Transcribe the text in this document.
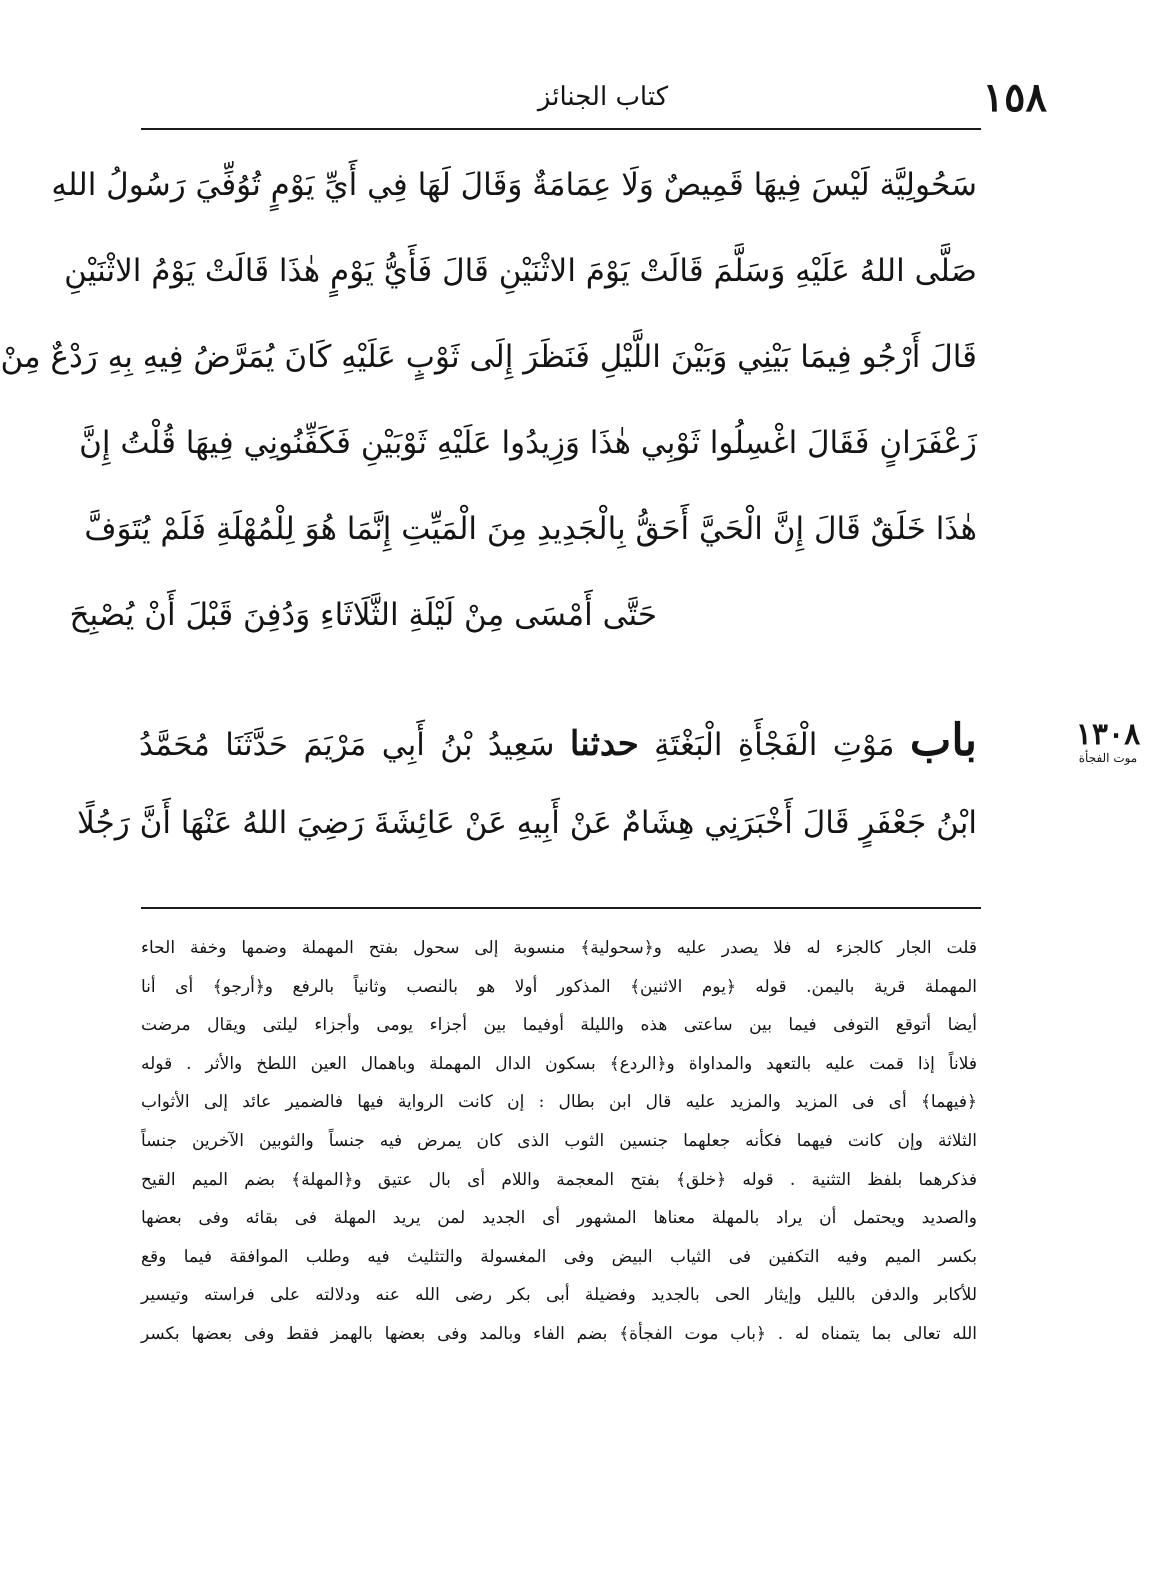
١٥٨
كتاب الجنائز
سَحُولِيَّة لَيْسَ فِيهَا قَمِيصٌ وَلَا عِمَامَةٌ وَقَالَ لَهَا فِي أَيِّ يَوْمٍ تُوُفِّيَ رَسُولُ اللهِ
صَلَّى اللهُ عَلَيْهِ وَسَلَّمَ قَالَتْ يَوْمَ الاثْنَيْنِ قَالَ فَأَيُّ يَوْمٍ هٰذَا قَالَتْ يَوْمُ الاثْنَيْنِ
قَالَ أَرْجُو فِيمَا بَيْنِي وَبَيْنَ اللَّيْلِ فَنَظَرَ إِلَى ثَوْبٍ عَلَيْهِ كَانَ يُمَرَّضُ فِيهِ بِهِ رَدْعٌ مِنْ
زَعْفَرَانٍ فَقَالَ اغْسِلُوا ثَوْبِي هٰذَا وَزِيدُوا عَلَيْهِ ثَوْبَيْنِ فَكَفِّنُونِي فِيهَا قُلْتُ إِنَّ
هٰذَا خَلَقٌ قَالَ إِنَّ الْحَيَّ أَحَقُّ بِالْجَدِيدِ مِنَ الْمَيِّتِ إِنَّمَا هُوَ لِلْمُهْلَةِ فَلَمْ يُتَوَفَّ
حَتَّى أَمْسَى مِنْ لَيْلَةِ الثَّلَاثَاءِ وَدُفِنَ قَبْلَ أَنْ يُصْبِحَ
١٣٠٨
موت الفجأة
باب مَوْتِ الْفَجْأَةِ الْبَغْتَةِ حدثنا سَعِيدُ بْنُ أَبِي مَرْيَمَ حَدَّثَنَا مُحَمَّدُ
ابْنُ جَعْفَرٍ قَالَ أَخْبَرَنِي هِشَامٌ عَنْ أَبِيهِ عَنْ عَائِشَةَ رَضِيَ اللهُ عَنْهَا أَنَّ رَجُلًا
قلت الجار كالجزء له فلا يصدر عليه و﴿سحولية﴾ منسوبة إلى سحول بفتح المهملة وضمها وخفة الحاء
المهملة قرية باليمن. قوله ﴿يوم الاثنين﴾ المذكور أولا هو بالنصب وثانياً بالرفع و﴿أرجو﴾ أى أنا
أيضا أتوقع التوفى فيما بين ساعتى هذه والليلة أوفيما بين أجزاء يومى وأجزاء ليلتى ويقال مرضت
فلاناً إذا قمت عليه بالتعهد والمداواة و﴿الردع﴾ بسكون الدال المهملة وباهمال العين اللطخ والأثر . قوله
﴿فيهما﴾ أى فى المزيد والمزيد عليه قال ابن بطال : إن كانت الرواية فيها فالضمير عائد إلى الأثواب
الثلاثة وإن كانت فيهما فكأنه جعلهما جنسين الثوب الذى كان يمرض فيه جنساً والثوبين الآخرين جنساً
فذكرهما بلفظ التثنية . قوله ﴿خلق﴾ بفتح المعجمة واللام أى بال عتيق و﴿المهلة﴾ بضم الميم القيح
والصديد ويحتمل أن يراد بالمهلة معناها المشهور أى الجديد لمن يريد المهلة فى بقائه وفى بعضها
بكسر الميم وفيه التكفين فى الثياب البيض وفى المغسولة والتثليث فيه وطلب الموافقة فيما وقع
للأكابر والدفن بالليل وإيثار الحى بالجديد وفضيلة أبى بكر رضى الله عنه ودلالته على فراسته وتيسير
الله تعالى بما يتمناه له . ﴿باب موت الفجأة﴾ بضم الفاء وبالمد وفى بعضها بالهمز فقط وفى بعضها بكسر
